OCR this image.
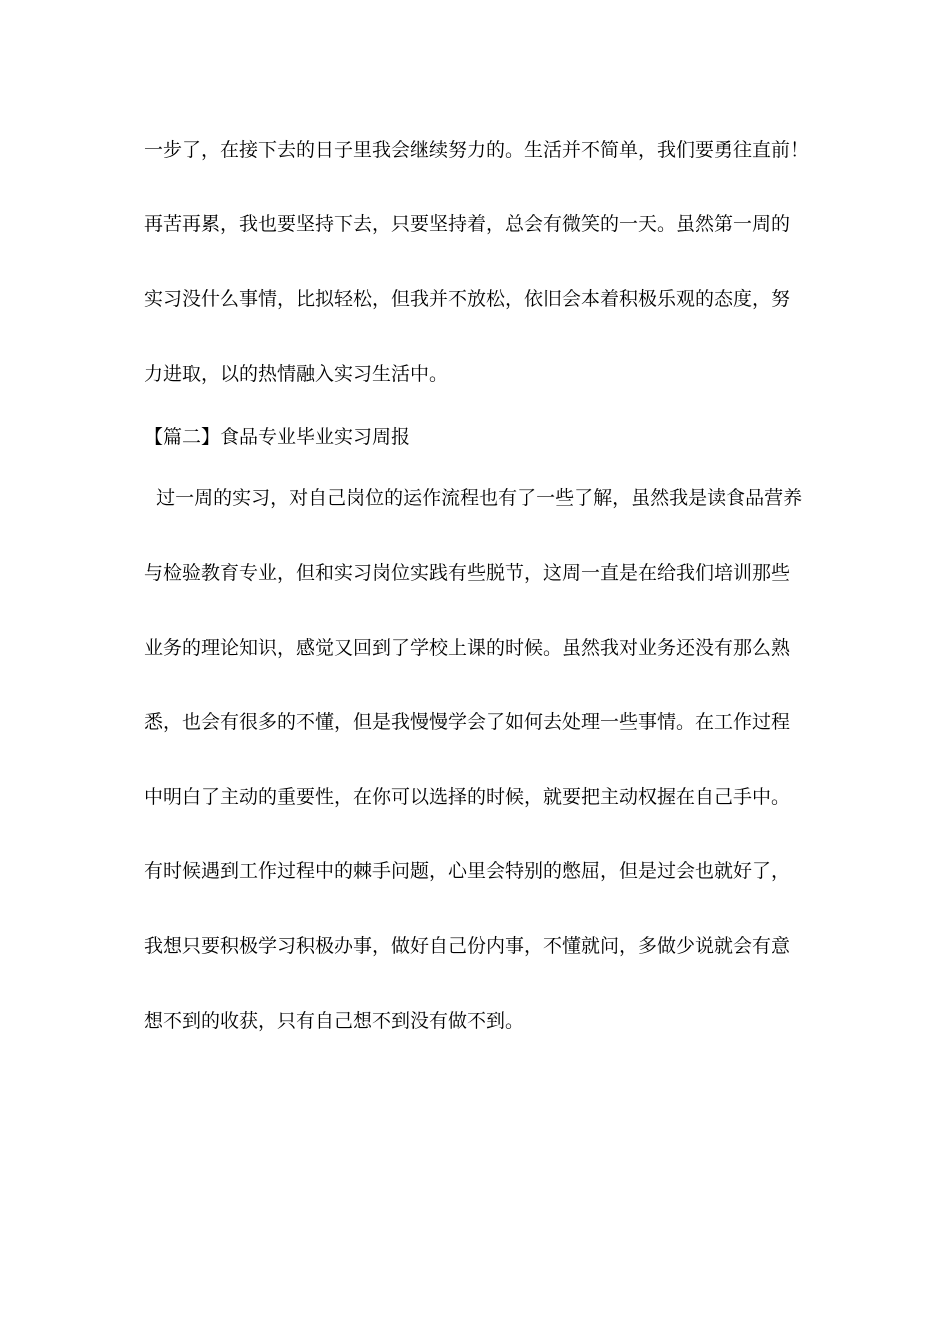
一步了，在接下去的日子里我会继续努力的。生活并不简单，我们要勇往直前！
再苦再累，我也要坚持下去，只要坚持着，总会有微笑的一天。虽然第一周的
实习没什么事情，比拟轻松，但我并不放松，依旧会本着积极乐观的态度，努
力进取，以的热情融入实习生活中。
【篇二】食品专业毕业实习周报
过一周的实习，对自己岗位的运作流程也有了一些了解，虽然我是读食品营养
与检验教育专业，但和实习岗位实践有些脱节，这周一直是在给我们培训那些
业务的理论知识，感觉又回到了学校上课的时候。虽然我对业务还没有那么熟
悉，也会有很多的不懂，但是我慢慢学会了如何去处理一些事情。在工作过程
中明白了主动的重要性，在你可以选择的时候，就要把主动权握在自己手中。
有时候遇到工作过程中的棘手问题，心里会特别的憋屈，但是过会也就好了，
我想只要积极学习积极办事，做好自己份内事，不懂就问，多做少说就会有意
想不到的收获，只有自己想不到没有做不到。
